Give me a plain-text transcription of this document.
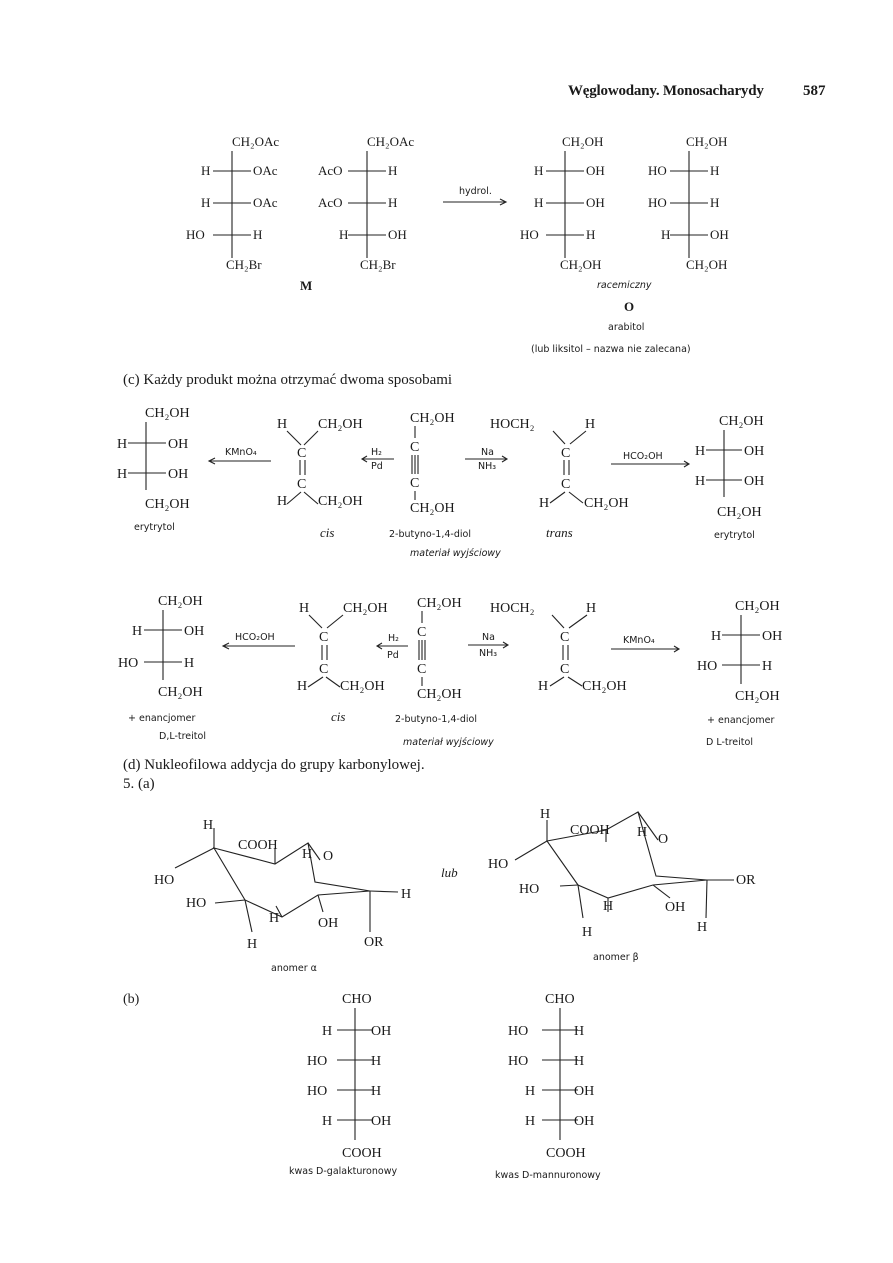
Węglowodany. Monosacharydy	587
(c) Każdy produkt można otrzymać dwoma sposobami
(d) Nukleofilowa addycja do grupy karbonylowej.
5. (a)
CH₂OAc
H	OAc
H	OAc
HO	H
CH₂Br
CH₂OAc
AcO	H
AcO	H
H	OH
CH₂Br
M
hydrol.
CH₂OH
H	OH
H	OH
HO	H
CH₂OH
CH₂OH
HO	H
HO	H
H	OH
CH₂OH
racemiczny
O
arabitol
(lub liksitol – nazwa nie zalecana)
CH₂OH
H	OH
H	OH
CH₂OH
erytrytol
KMnO₄
H CH₂OH
C
C
H CH₂OH
cis
H₂
Pd
CH₂OH
C
C
CH₂OH
2-butyno-1,4-diol
materiał wyjściowy
Na
NH₃
HOCH₂	H
C
C
H CH₂OH
trans
HCO₂OH
CH₂OH
H	OH
H	OH
CH₂OH
erytrytol
CH₂OH
H	OH
HO	H
CH₂OH
+ enancjomer
D,L-treitol
HCO₂OH
H CH₂OH
C
C
H CH₂OH
cis
H₂
Pd
CH₂OH
C
C
CH₂OH
2-butyno-1,4-diol
materiał wyjściowy
Na
NH₃
HOCH₂	H
C
C
H CH₂OH
KMnO₄
CH₂OH
H	OH
HO	H
CH₂OH
+ enancjomer
D L-treitol
H
COOH
H O
HO
HO
H	OH
H
H	OR
anomer α
lub
H
COOH H O
HO
HO
H	OH
OR
H	H
anomer β
(b)	CHO
H	OH
HO	H
HO	H
H	OH
COOH
kwas D-galakturonowy
CHO
HO	H
HO	H
H	OH
H	OH
COOH
kwas D-mannuronowy
